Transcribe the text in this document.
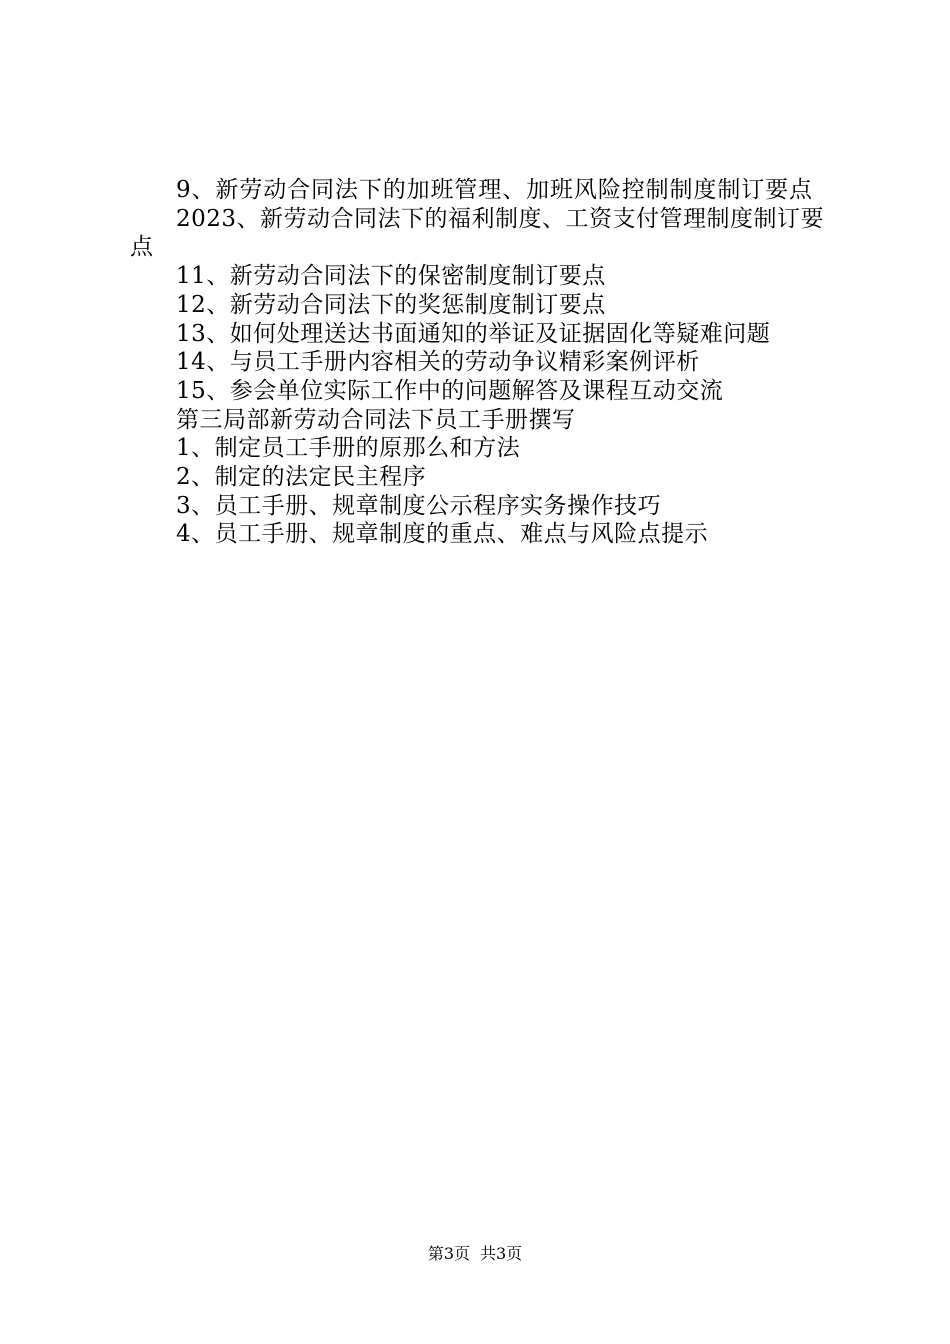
9、新劳动合同法下的加班管理、加班风险控制制度制订要点

2023、新劳动合同法下的福利制度、工资支付管理制度制订要点

11、新劳动合同法下的保密制度制订要点

12、新劳动合同法下的奖惩制度制订要点

13、如何处理送达书面通知的举证及证据固化等疑难问题

14、与员工手册内容相关的劳动争议精彩案例评析

15、参会单位实际工作中的问题解答及课程互动交流

第三局部新劳动合同法下员工手册撰写

1、制定员工手册的原那么和方法

2、制定的法定民主程序

3、员工手册、规章制度公示程序实务操作技巧

4、员工手册、规章制度的重点、难点与风险点提示

第3页 共3页
